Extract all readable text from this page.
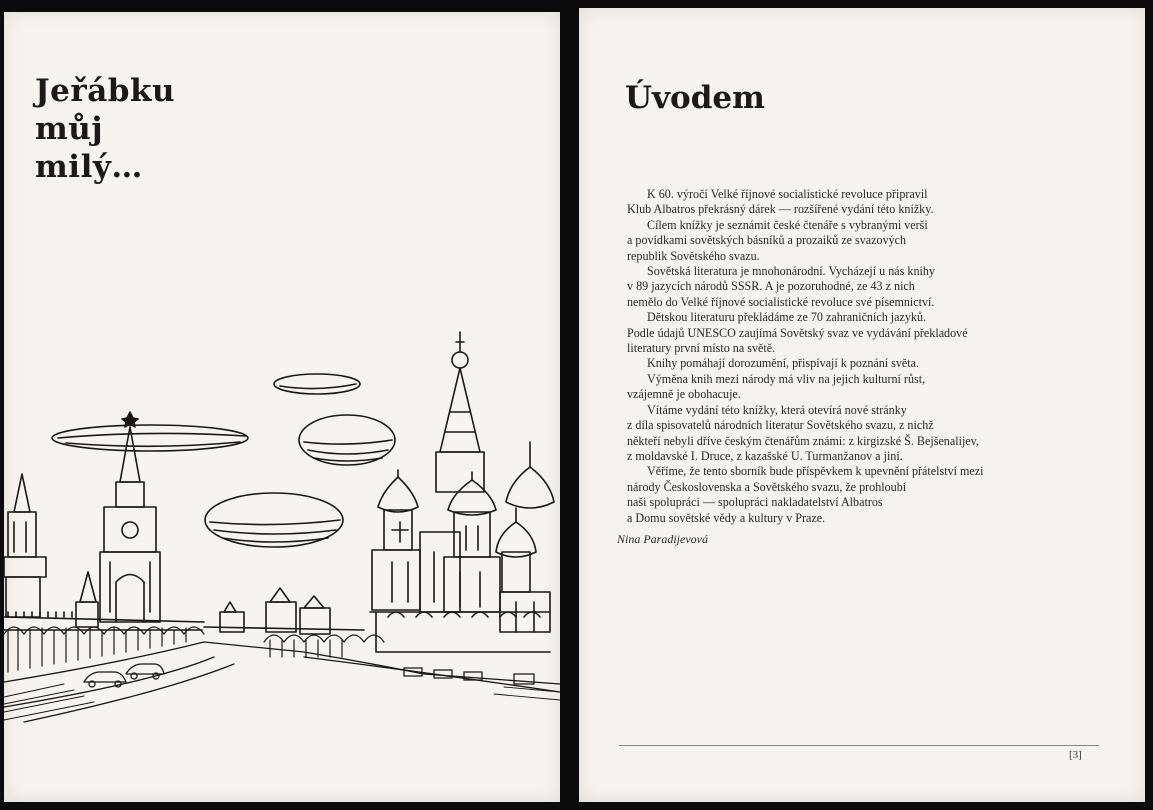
Jeřábku
můj
milý…
Úvodem
K 60. výročí Velké říjnové socialistické revoluce připravil
Klub Albatros překrásný dárek — rozšířené vydání této knížky.
Cílem knížky je seznámit české čtenáře s vybranými verši
a povídkami sovětských básníků a prozaiků ze svazových
republik Sovětského svazu.
Sovětská literatura je mnohonárodní. Vycházejí u nás knihy
v 89 jazycích národů SSSR. A je pozoruhodné, ze 43 z nich
nemělo do Velké říjnové socialistické revoluce své písemnictví.
Dětskou literaturu překládáme ze 70 zahraničních jazyků.
Podle údajů UNESCO zaujímá Sovětský svaz ve vydávání překladové
literatury první místo na světě.
Knihy pomáhají dorozumění, přispívají k poznání světa.
Výměna knih mezi národy má vliv na jejich kulturní růst,
vzájemně je obohacuje.
Vítáme vydání této knížky, která otevírá nové stránky
z díla spisovatelů národních literatur Sovětského svazu, z nichž
někteří nebyli dříve českým čtenářům známi: z kirgizské Š. Bejšenalijev,
z moldavské I. Druce, z kazašské U. Turmanžanov a jiní.
Věříme, že tento sborník bude příspěvkem k upevnění přátelství mezi
národy Československa a Sovětského svazu, že prohloubí
naši spolupráci — spolupráci nakladatelství Albatros
a Domu sovětské vědy a kultury v Praze.
Nina Paradijevová
[3]
